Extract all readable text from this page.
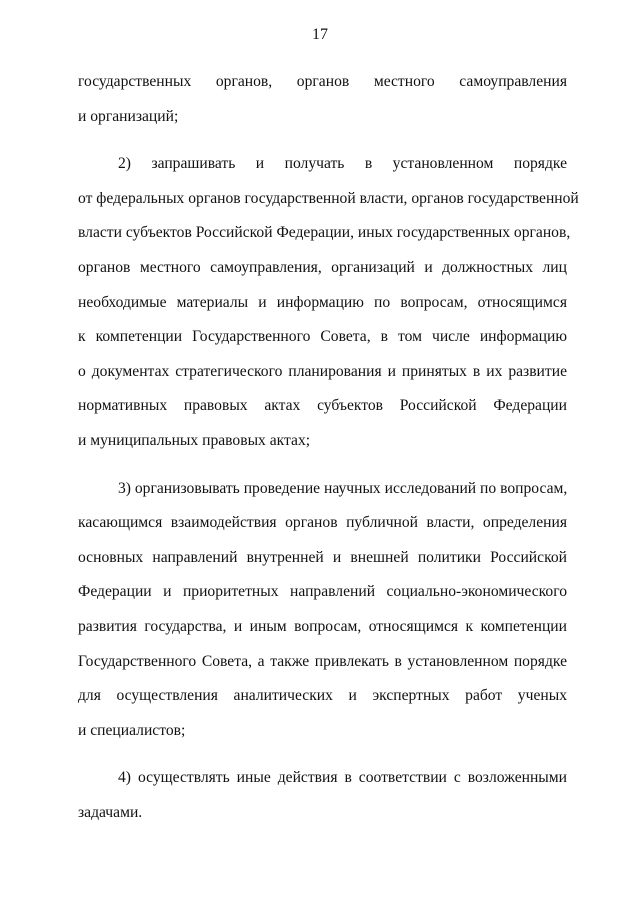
17
государственных органов, органов местного самоуправления
и организаций;
2) запрашивать и получать в установленном порядке
от федеральных органов государственной власти, органов государственной
власти субъектов Российской Федерации, иных государственных органов,
органов местного самоуправления, организаций и должностных лиц
необходимые материалы и информацию по вопросам, относящимся
к компетенции Государственного Совета, в том числе информацию
о документах стратегического планирования и принятых в их развитие
нормативных правовых актах субъектов Российской Федерации
и муниципальных правовых актах;
3) организовывать проведение научных исследований по вопросам,
касающимся взаимодействия органов публичной власти, определения
основных направлений внутренней и внешней политики Российской
Федерации и приоритетных направлений социально-экономического
развития государства, и иным вопросам, относящимся к компетенции
Государственного Совета, а также привлекать в установленном порядке
для осуществления аналитических и экспертных работ ученых
и специалистов;
4) осуществлять иные действия в соответствии с возложенными
задачами.
